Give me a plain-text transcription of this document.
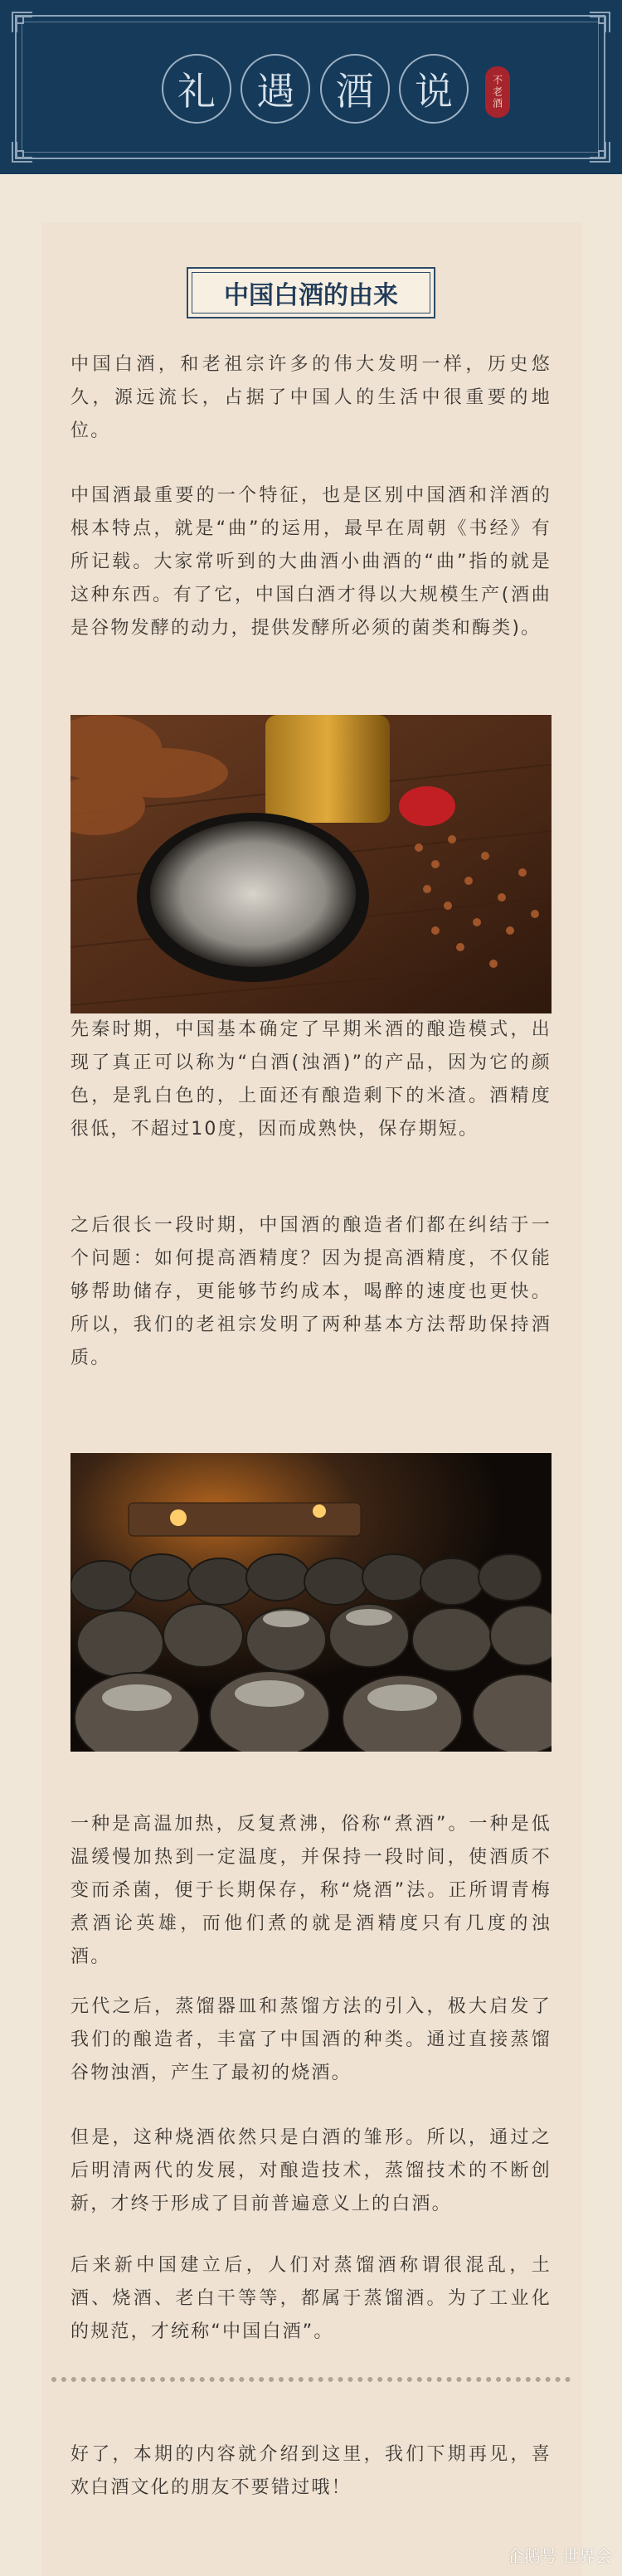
礼	遇	酒	说	不老酒
中国白酒的由来

中国白酒，和老祖宗许多的伟大发明一样，历史悠久，源远流长，占据了中国人的生活中很重要的地位。

中国酒最重要的一个特征，也是区别中国酒和洋酒的根本特点，就是“曲”的运用，最早在周朝《书经》有所记载。大家常听到的大曲酒小曲酒的“曲”指的就是这种东西。有了它，中国白酒才得以大规模生产(酒曲是谷物发酵的动力，提供发酵所必须的菌类和酶类)。

先秦时期，中国基本确定了早期米酒的酿造模式，出现了真正可以称为“白酒(浊酒)”的产品，因为它的颜色，是乳白色的，上面还有酿造剩下的米渣。酒精度很低，不超过10度，因而成熟快，保存期短。

之后很长一段时期，中国酒的酿造者们都在纠结于一个问题：如何提高酒精度？因为提高酒精度，不仅能够帮助储存，更能够节约成本，喝醉的速度也更快。所以，我们的老祖宗发明了两种基本方法帮助保持酒质。

一种是高温加热，反复煮沸，俗称“煮酒”。一种是低温缓慢加热到一定温度，并保持一段时间，使酒质不变而杀菌，便于长期保存，称“烧酒”法。正所谓青梅煮酒论英雄，而他们煮的就是酒精度只有几度的浊酒。

元代之后，蒸馏器皿和蒸馏方法的引入，极大启发了我们的酿造者，丰富了中国酒的种类。通过直接蒸馏谷物浊酒，产生了最初的烧酒。

但是，这种烧酒依然只是白酒的雏形。所以，通过之后明清两代的发展，对酿造技术，蒸馏技术的不断创新，才终于形成了目前普遍意义上的白酒。

后来新中国建立后，人们对蒸馏酒称谓很混乱，土酒、烧酒、老白干等等，都属于蒸馏酒。为了工业化的规范，才统称“中国白酒”。

好了，本期的内容就介绍到这里，我们下期再见，喜欢白酒文化的朋友不要错过哦！

企鹅号 世界会
